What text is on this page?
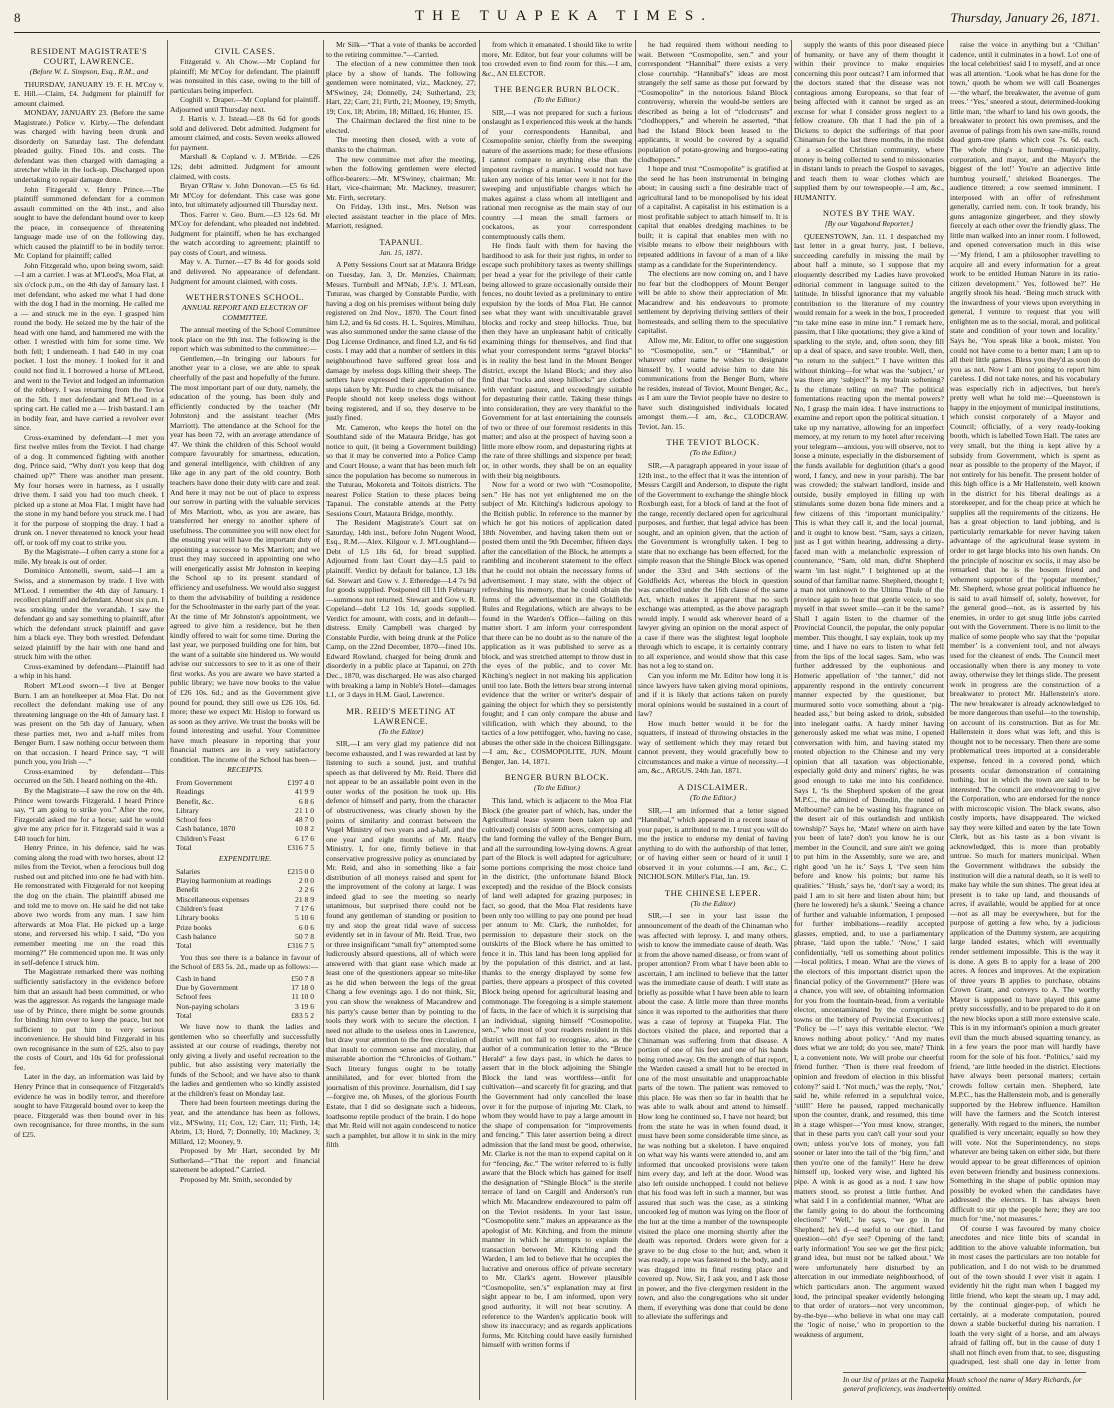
8	THE TUAPEKA TIMES.	Thursday, January 26, 1871.
RESIDENT MAGISTRATE'S COURT, LAWRENCE.
(Before W. L. Simpson, Esq., R.M., and

THURSDAY, JANUARY 19. F. H. M'Coy v. E. Hill.—Claim, £4. Judgment for plaintiff for amount claimed.

MONDAY, JANUARY 23. (Before the same Magistrate.) Police v. Kirby.—The defendant was charged with having been drunk and disorderly on Saturday last. The defendant pleaded guilty. Fined 10s. and costs. The defendant was then charged with damaging a stretcher while in the lock-up. Discharged upon undertaking to repair damage done.

John Fitzgerald v. Henry Prince.—The plaintiff summoned defendant for a common assault committed on the 4th inst., and also sought to have the defendant bound over to keep the peace, in consequence of threatening language made use of on the following day, which caused the plaintiff to be in bodily terror. Mr. Copland for plaintiff; called

John Fitzgerald who, upon being sworn, said:—I am a carrier. I was at M'Leod's, Moa Flat, at six o'clock p.m., on the 4th day of January last. I met defendant, who asked me what I had done with the dog I had in the morning. He called me a — and struck me in the eye. I grasped him round the body. He seized me by the hair of the head with one hand, and hammered me with the other. I wrestled with him for some time. We both fell; I underneath. I had £40 in my coat pocket. I lost the money. I looked for it and could not find it. I borrowed a horse of M'Leod, and went to the Teviot and lodged an information of the robbery. I was returning from the Teviot on the 5th. I met defendant and M'Leod in a spring cart. He called me a — Irish bastard. I am in bodily fear, and have carried a revolver ever since.

Cross-examined by defendant—I met you first twelve miles from the Teviot. I had charge of a dog. It commenced fighting with another dog. Prince said, “Why don't you keep that dog chained up?” There was another man present. My four horses were in harness, as I usually drive them. I said you had too much cheek. I picked up a stone at Moa Flat. I might have had the stone in my hand before you struck me. I had it for the purpose of stopping the dray. I had a drunk on. I never threatened to knock your head off, or took off my coat to strike you.

By the Magistrate—I often carry a stone for a mile. My break is out of order.

Dominico Antonelli, sworn, said—I am a Swiss, and a stonemason by trade. I live with M'Leod. I remember the 4th day of January. I recollect plaintiff and defendant. About six p.m. I was smoking under the verandah. I saw the defendant go and say something to plaintiff, after which the defendant struck plaintiff and gave him a black eye. They both wrestled. Defendant seized plaintiff by the hair with one hand and struck him with the other.

Cross-examined by defendant—Plaintiff had a whip in his hand.

Robert M'Leod sworn—I live at Benger Burn. I am an hotelkeeper at Moa Flat. Do not recollect the defendant making use of any threatening language on the 4th of January last. I was present on the 5th day of January, when these parties met, two and a-half miles from Benger Burn. I saw nothing occur between them on that occasion. I heard Prince say, “I will punch you, you Irish —.”

Cross-examined by defendant—This occurred on the 5th. I heard nothing on the 4th.

By the Magistrate—I saw the row on the 4th. Prince went towards Fitzgerald. I heard Prince say, “I am going to strike you.” After the row, Fitzgerald asked me for a horse; said he would give me any price for it. Fitzgerald said it was a £40 touch for him.

Henry Prince, in his defence, said he was coming along the road with two horses, about 12 miles from the Teviot, when a ferocious bull dog rushed out and pitched into one he had with him. He remonstrated with Fitzgerald for not keeping the dog on the chain. The plaintiff abused me and told me to move on. He said he did not take above two words from any man. I saw him afterwards at Moa Flat. He picked up a large stone, and rerversed his whip. I said, “Do you remember meeting me on the road this morning?” He commenced upon me. It was only in self-defence I struck him.

The Magistrate remarked there was nothing sufficiently satisfactory in the evidence before him that an assault had been committed, or who was the aggressor. As regards the language made use of by Prince, there might be some grounds for binding him over to keep the peace, but not sufficient to put him to very serious inconvenience. He should bind Fitzgerald in his own recognisance in the sum of £25, also to pay the costs of Court, and 10s 6d for professional fee.

Later in the day, an information was laid by Henry Prince that in consequence of Fitzgerald's evidence he was in bodily terror, and therefore sought to have Fitzgerald bound over to keep the peace. Fitzgerald was then bound over in his own recognisance, for three months, in the sum of £25.

CIVIL CASES.

Fitzgerald v. Ah Chow.—Mr Copland for plaintiff; Mr M'Coy for defendant. The plaintiff was nonsuited in this case, owing to the bill of particulars being imperfect.

Coghill v. Draper.—Mr Copland for plaintiff. Adjourned until Thursday next.

J. Harris v. J. Istead.—£8 0s 6d for goods sold and delivered. Debt admitted. Judgment for amount claimed, and costs. Seven weeks allowed for payment.

Marshall & Copland v. J. M'Bride. —£26 12s; debt admitted. Judgment for amount claimed, with costs.

Bryan O'Raw v. John Donovan.—£5 6s 6d. Mr M'Coy for defendant. This case was gone into, but ultimately adjourned till Thursday next.

Thos. Farrer v. Geo. Burn.—£3 12s 6d. Mr M'Coy for defendant, who pleaded not indebted. Judgment for plaintiff, when he has exchanged the watch according to agreement; plaintiff to pay costs of Court, and witness.

May v. A. Turner.—£7 8s 4d for goods sold and delivered. No appearance of defendant. Judgment for amount claimed, with costs.

WETHERSTONES SCHOOL.
ANNUAL REPORT AND ELECTION OF COMMITTEE.

The annual meeting of the School Committee took place on the 9th inst. The following is the report which was submitted to the committee:—

Gentlemen,—In bringing our labours for another year to a close, we are able to speak cheerfully of the past and hopefully of the future. The most important part of our duty, namely, the education of the young, has been duly and efficiently conducted by the teacher (Mr Johnston) and the assistant teacher (Mrs Marriott). The attendance at the School for the year has been 72, with an average attendance of 47. We think the children of this School would compare favourably for smartness, education, and general intelligence, with children of any like age in any part of the old country. Both teachers have done their duty with care and zeal. And here it may not be out of place to express our sorrow in parting with the valuable services of Mrs Marriott, who, as you are aware, has transferred her energy to another sphere of usefulness. The committee you will now elect for the ensuing year will have the important duty of appointing a successor to Mrs Marriott; and we trust they may succeed in appointing one who will energetically assist Mr Johnston in keeping the School up to its present standard of efficiency and usefulness. We would also suggest to them the advisability of building a residence for the Schoolmaster in the early part of the year. At the time of Mr Johnston's appointment, we agreed to give him a residence, but he then kindly offered to wait for some time. During the last year, we purposed building one for him, but the want of a suitable site hindered us. We would advise our successors to see to it as one of their first works. As you are aware we have started a public library; we have now books to the value of £26 10s. 6d.; and as the Government give pound for pound, they still owe us £26 10s. 6d. more; these we expect Mr. Hislop to forward us as soon as they arrive. We trust the books will be found interesting and useful. Your Committee have much pleasure in reporting that your financial matters are in a very satisfactory condition. The income of the School has been—

RECEIPTS.
From Government	£197 4 0
Readings	41 9 9
Benefit, &c.	6 8 6
Library	21 1 0
School fees	48 7 0
Cash balance, 1870	10 8 2
Children's Feast	6 17 6

Total	£316 7 5
EXPENDITURE.
Salaries	£215 0 0
Playing harmonium at readings	2 0 0
Benefit	2 2 6
Miscellaneous expenses	21 8 9
Children's feast	7 17 6
Library books	5 10 6
Prize books	6 0 6
Cash balance	50 7 8

Total	£316 7 5

You thus see there is a balance in favour of the School of £83 5s. 2d., made up as follows:—

Cash in hand	£50 7 8
Due by Government	17 18 0
School fees	11 10 0
Non-paying scholars	3 19 6

Total	£83 5 2

We have now to thank the ladies and gentlemen who so cheerfully and successfully assisted at our course of readings, thereby not only giving a lively and useful recreation to the public, but also assisting very materially the funds of the School; and we have also to thank the ladies and gentlemen who so kindly assisted at the children's feast on Monday last.

There had been fourteen meetings during the year, and the attendance has been as follows, viz., M'Swiny, 11; Cox, 12; Carr, 11; Firth, 14; Abrim, 13; Hord, 7; Donnelly, 10; Mackney, 3; Millard, 12; Mooney, 9.

Proposed by Mr Hart, seconded by Mr Sutherland—“That the report and financial statement be adopted.” Carried.

Proposed by Mr. Smith, seconded by

Mr Silk—“That a vote of thanks be accorded to the retiring committee.”—Carried.

The election of a new committee then took place by a show of hands. The following gentlemen were nominated, viz., Mackney, 27; M'Swiney, 24; Donnelly, 24; Sutherland, 23; Hart, 22; Carr, 21; Firth, 21; Mooney, 19; Smyth, 19; Cox, 18; Abrim, 18; Millard, 16; Hunter, 15.

The Chairman declared the first nine to be elected.

The meeting then closed, with a vote of thanks to the chairman.

The new committee met after the meeting, when the following gentlemen were elected office-bearers:—Mr. M'Swiney, chairman; Mr. Hart, vice-chairman; Mr. Mackney, treasurer; Mr. Firth, secretary.

On Friday, 13th inst., Mrs. Nelson was elected assistant teacher in the place of Mrs. Marriott, resigned.

TAPANUI.
Jan. 15, 1871.

A Petty Sessions Court sat at Mataura Bridge on Tuesday, Jan. 3, Dr. Menzies, Chairman; Messrs. Turnbull and M'Nab, J.P.'s. J. M'Lean, Tuturau, was charged by Constable Purdie, with having a dog on his premises without being duly registered on 2nd Nov., 1870. The Court fined him L2, and 6s 6d costs. H. L. Squires, Mimihau, was also summoned under the same clause of the Dog License Ordinance, and fined L2, and 6s 6d costs. I may add that a number of settlers in this neighbourhood have suffered great loss and damage by useless dogs killing their sheep. The settlers have expressed their approbation of the steps taken by Mr. Purdie to check the nuisance. People should not keep useless dogs without being registered, and if so, they deserve to be justly fined.

Mr. Cameron, who keeps the hotel on the Southland side of the Mataura Bridge, has got notice to quit, (it being a Government building) so that it may be converted into a Police Camp and Court House, a want that has been much felt since the population has become so numerous in the Tuturau, Mokoreta and Toitois districts. The nearest Police Station to these places being Tapanui. The constable attends at the Petty Sessions Court, Mataura Bridge, monthly.

The Resident Magistrate's Court sat on Saturday, 14th inst., before John Nugent Wood, Esq., R.M.—Alex. Kilgour v. J. M'Loughland—Debt of L5 18s 6d, for bread supplied. Adjourned from last Court day—L5 paid to plaintiff. Verdict by default for balance, L3 18s 6d. Stewart and Gow v. J. Etheredge—L4 7s 9d for goods supplied. Postponed till 11th February—summons not returned. Stewart and Gow v. R. Copeland—debt L2 10s 1d, goods supplied. Verdict for amount, with costs, and in default—distress. Emily Campbell was charged by Constable Purdie, with being drunk at the Police Camp, on the 22nd December, 1870—fined 10s. Edward Rowland, charged for being drunk and disorderly in a public place at Tapanui, on 27th Dec., 1870, was discharged. He was also charged with breaking a lamp in Noble's Hotel—damages L1, or 3 days in H.M. Gaol, Lawrence.

MR. REID'S MEETING AT LAWRENCE.
(To the Editor)

SIR,—I am very glad my patience did not become exhausted, and I was rewarded at last by listening to such a sound, just, and truthful speech as that delivered by Mr. Reid. There did not appear to be an assailable point even in the outer works of the position he took up. His defence of himself and party, from the character of obstructiveness, was clearly shown by the points of similarity and contrast between the Vogel Ministry of two years and a-half, and the one year and eight months of Mr. Reid's Ministry. I, for one, firmly believe in that conservative progressive policy as enunciated by Mr. Reid, and also in something like a fair distribution of all moneys raised and spent for the improvement of the colony at large. I was indeed glad to see the meeting so nearly unanimous, but surprised there could not be found any gentleman of standing or position to try and stop the great tidal wave of success evidently set in in favour of Mr. Reid. True, two or three insignificant “small fry” attempted some ludicrously absurd questions, all of which were answered with that giant ease which made at least one of the questioners appear so mite-like as he did when between the legs of the great Chang a few evenings ago. I do not think, Sir, you can show the weakness of Macandrew and his party's cause better than by pointing to the tools they work with to secure the election. I need not allude to the useless ones in Lawrence, but draw your attention to the free circulation of that insult to common sense and morality, that miserable abortion the “Chronicles of Gotham.” Such literary fungus ought to be totally annihilated, and for ever blotted from the journalism of this province. Journalism, did I say—forgive me, oh Muses, of the glorious Fourth Estate, that I did so designate such a hideous, loathsome reptile product of the brain. I do hope that Mr. Reid will not again condescend to notice such a pamphlet, but allow it to sink in the miry filth

from which it emanated. I should like to write more, Mr. Editor, but fear your columns will be too crowded even to find room for this.—I am, &c., AN ELECTOR.

THE BENGER BURN BLOCK.
(To the Editor.)

SIR,—I was not prepared for such a furious onslaught as I experienced this week at the hands of your correspondents Hannibal, and Cosmopolite senior, chiefly from the sweeping nature of the assertions made; for these effusions I cannot compare to anything else than the impotent ravings of a maniac. I would not have taken any notice of his letter were it not for the sweeping and unjustifiable charges which he makes against a class whom all intelligent and rational men recognise as the main stay of our country —I mean the small farmers or cockatoos, as your correspondent contemptuously calls them.

He finds fault with them for having the hardihood to ask for their just rights, in order to escape such prohibitory taxes as twenty shillings per head a year for the privilege of their cattle being allowed to graze occasionally outside their fences, no doubt levied as a preliminary to entire expulsion by the lords of Moa Flat. He cannot see what they want with uncultivatable gravel blocks and rocky and steep hillocks. True, but then they have an unpleasant habit of critically examining things for themselves, and find that what your correspondent terms “gravel blocks” is in reality the best land in the Mount Benger district, except the Island Block; and they also find that “rocks and steep hillocks” are clothed with verdant pasture, and exceedingly suitable for depasturing their cattle. Taking these things into consideration, they are very thankful to the Government for at last entertaining the counsels of two or three of our foremost residents in this matter; and also at the prospect of having soon a little more elbow room, and depasturing rights at the rate of three shillings and sixpence per head; or, in other words, they shall be on an equality with their big neighbours.

Now for a word or two with “Cosmopolite, sen.” He has not yet enlightened me on the subject of Mr. Kitching's ludicrous apology to the British public. In reference to the manner by which he got his notices of application dated 18th November, and having taken them out or posted them until the 9th December, fifteen days after the cancellation of the Block, he attempts a rambling and incoherent statement to the effect that he could not obtain the necessary forms of advertisement. I may state, with the object of refreshing his memory, that he could obtain the forms of the advertisement in the Goldfields Rules and Regulations, which are always to be found in the Warden's Office—failing on this matter short. I am inform your correspondent that there can be no doubt as to the nature of the application as it was published to serve as a block, and was stretched attempt to throw dust in the eyes of the public, and to cover Mr. Kitching's neglect in not making his application until too late. Both the letters bear strong internal evidence that the writer or writer's despair of gaining the object for which they so persistently fought; and I can only compare the abuse and vilification, with which they abound, to the tactics of a low pettifogger, who, having no case, abuses the other side in the choicest Billingsgate.—I am, &c., COSMOPOLITE, JUN. Mount Benger, Jan. 14, 1871.

BENGER BURN BLOCK.
(To the Editor.)

This land, which is adjacent to the Moa Flat Block (the greater part of which, has, under the Agricultural lease system been taken up and cultivated) consists of 5000 acres, comprising all the land forming the valley of the Benger Burn, and all the surrounding low-lying downs. A great part of the Block is well adapted for agriculture; some portions comprising the most choice land in the district, (the unfortunate Island Block excepted) and the residue of the Block consists of land well adapted for grazing purposes; in fact, so good, that the Moa Flat residents have been only too willing to pay one pound per head per annum to Mr. Clark, the runholder, for permission to depasture their stock on the outskirts of the Block where he has omitted to fence it in. This land has been long applied for by the population of this district, and at last, thanks to the energy displayed by some few parties, there appears a prospect of this coveted Block being opened for agricultural leasing and commonage. The foregoing is a simple statement of facts, in the face of which it is surprising that an individual, signing himself “Cosmopolite, sen.,” who most of your readers resident in this district will not fail to recognise, also, as the author of a communication letter to the “Bruce Herald” a few days past, in which he dares to assert that in the block adjoining the Shingle Block the land was worthless—unfit for cultivation—and scarcely fit for grazing, and that the Government had only cancelled the lease over it for the purpose of injuring Mr. Clark, to whom they would have to pay a large amount in the shape of compensation for “improvements and fencing.” This later assertion being a direct admission that the land must be good, otherwise, Mr. Clarke is not the man to expend capital on it for “fencing, &c.” The writer referred to is fully aware that the Block which has gained for itself the designation of “Shingle Block” is the sterile terrace of land on Cargill and Anderson's run which Mr. Macandrew endeavoured to palm off on the Teviot residents. In your last issue, “Cosmopolite senr.” makes an appearance as the apologist of Mr. Kitching, and from the minute manner in which he attempts to explain the transaction between Mr. Kitching and the Warden, I am led to believe that he occupies the lucrative and onerous office of private secretary to Mr. Clark's agent. However plausible “Cosmopolite, sen.'s” explanation may at first sight appear to be, I am informed, upon very good authority, it will not bear scrutiny. A reference to the Warden's applicatio book will show its inaccuracy; and as regards applications forms, Mr. Kitching could have easily furnished himself with written forms if

he had required them without needing to wait. Between “Cosmopolite, sen.” and your correspondent “Hannibal” there exists a very close courtship. “Hannibal's” ideas are most strangely the self same as those put forward by “Cosmopolite” in the notorious Island Block controversy, wherein the would-be settlers are described as being a lot of “clodcrusts” and “clodhoppers,” and wherein he asserted, “that had the Island Block been leased to the applicants, it would be covered by a squalid population of potato-growing and burgoo-eating clodhoppers.”

I hope and trust “Cosmopolite” is gratified at the seed he has been instrumental in bringing about; in causing such a fine desirable tract of agricultural land to be monopolised by his ideal of a capitalist. A capitalist in his estimation is a most profitable subject to attach himself to. It is capital that enables dredging machines to be built; it is capital that enables men with no visible means to elbow their neighbours with repeated additions in favour of a man of a like stamp as a candidate for the Superintendency.

The elections are now coming on, and I have no fear but the clodhoppers of Mount Benger will be able to show their appreciation of Mr. Macandrew and his endeavours to promote settlement by depriving thriving settlers of their homesteads, and selling them to the speculative capitalist.

Allow me, Mr. Editor, to offer one suggestion to “Cosmopolite, sen.” or “Hannibal,” or whatever other name he wishes to designate himself by. I would advise him to date his communications from the Benger Burn, where he resides, instead of Teviot, Mount Benger, &c., as I am sure the Teviot people have no desire to have such distinguished individuals located amongst them.—I am, &c., CLODCRAW. Teviot, Jan. 15.

THE TEVIOT BLOCK.
(To the Editor.)

SIR,—A paragraph appeared in your issue of 12th inst., to the effect that it was the intention of Messrs Cargill and Anderson, to dispute the right of the Government to exchange the shingle block Roxburgh east, for a block of land at the foot of the range, recently declared open for agricultural purposes, and further, that legal advice has been sought, and an opinion given, that the action of the Government is wrongfully taken. I beg to state that no exchange has been effected, for the simple reason that the Shingle Block was opened under the 33rd and 34th sections of the Goldfields Act, whereas the block in question was cancelled under the 16th clause of the same Act, which makes it apparent that no such exchange was attempted, as the above paragraph would imply. I would ask wherever heard of a lawyer giving an opinion on the moral aspect of a case if there was the slightest legal loophole through which to escape, it is certainly contrary to all experience, and would show that this case has not a leg to stand on.

Can you inform me Mr. Editor how long it is since lawyers have taken giving moral opinions, and if it is likely that actions taken on purely moral opinions would be sustained in a court of law?

How much better would it be for the squatters, if instead of throwing obstacles in the way of settlement which they may retard but cannot prevent, they would gracefully bow to circumstances and make a virtue of necessity.—I am, &c., ARGUS. 24th Jan. 1871.

A DISCLAIMER.
(To the Editor.)

SIR,—I am informed that a letter signed “Hannibal,” which appeared in a recent issue of your paper, is attributed to me. I trust you will do me the justice to endorse my denial of having anything to do with the authorship of that letter, or of having either seen or heard of it until I observed it in your columns.—I am, &c., C. NICHOLSON. Miller's Flat, Jan. 19.

THE CHINESE LEPER.
(To the Editor)

SIR,—I see in your last issue the announcement of the death of the Chinaman who was affected with leprosy. I, and many others, wish to know the immediate cause of death. Was it from the above named disease, or from want of proper attention? From what I have been able to ascertain, I am inclined to believe that the latter was the immediate cause of death. I will state as briefly as possible what I have been able to learn about the case. A little more than three months since it was reported to the authorities that there was a case of leprosy at Tuapeka Flat. The doctors visited the place, and reported that a Chinaman was suffering from that disease. A portion of one of his feet and one of his hands being rotted away. On the strength of that report, the Warden caused a small hut to be erected in one of the most unsuitable and unapproachable parts of the town. The patient was removed to this place. He was then so far in health that he was able to walk about and attend to himself. How long he continued so, I have not heard; but from the state he was in when found dead, it must have been some considerable time since, as he was nothing but a skeleton. I have enquired on what way his wants were attended to, and am informed that uncooked provisions were taken him every day, and left at the door. Wood was also left outside unchopped. I could not believe that his food was left in such a manner, but was assured that such was the case, as a stinking uncooked leg of mutton was lying on the floor of the hut at the time a number of the townspeople visited the place one morning shortly after the death was reported. Orders were given for a grave to be dug close to the hut; and, when it was ready, a rope was fastened to the body, and it was dragged into its final resting place and covered up. Now, Sir, I ask you, and I ask those in power, and the five clergymen resident in the town, and also the congregations who sit under them, if everything was done that could be done to alleviate the sufferings and

supply the wants of this poor diseased piece of humanity, or have any of them thought it within their province to make enquiries concerning this poor outcast? I am informed that the doctors stated that the disease was not contagious among Europeans, so that fear of being affected with it cannot be urged as an excuse for what I consider gross neglect to a fellow creature. Oh that I had the pin of a Dickens to depict the sufferings of that poor Chinaman for the last three months, in the midst of a so-called Christian community, where money is being collected to send to missionaries in distant lands to preach the Gospel to savages, and teach them to wear clothes which are supplied them by our townspeople.—I am, &c., HUMANITY.

NOTES BY THE WAY.
[By our Vagabond Reporter.]

QUEENSTOWN, Jan. 11. I despatched my last letter in a great hurry, just, I believe, succeeding carefully in missing the mail by about half a minute, so I suppose that my eloquently described my Ladies have provoked editorial comment in language suited to the latitude. In blissful ignorance that my valuable contribution to the literature of my country would remain for a week in the box, I proceeded “to take mine ease in mine inn.” I remark here, passim, that I like quotations; they give a kind of sparkling to the style, and, often soon, they fill up a deal of space, and save trouble. Well, then, “to return to the subject.” I have written this without thinking—for what was the ‘subject,’ or was there any ‘subject?’ Is my brain softening? Is the climate telling on me? The political fomentations reacting upon the mental powers? No, I grasp the main idea. I have instructions to examine and report upon the political situation. I take up my narrative, allowing for an imperfect memory, at my return to my hotel after receiving your telegram—anxious, you will observe, not to loose a minute, especially in the disbursement of the funds available for deglutition (that's a good word, I fancy, and new in your parish). The bar was crowded; the stalwart landlord, inside and outside, busily employed in filling up with stimulants some dozen bona fide miners and a few citizens of this ‘important municipality.’ This is what they call it, and the local journal, and it ought to know best. “Sam, says a citizen, just as I got within hearing, addressing a dirty-faced man with a melancholic expression of countenance, “Sam, old man, did'nt Shepherd warm 'im last night.” I brightened up at the sound of that familiar name. Shepherd, thought I; a man not unknown to the Ultima Thule of the province again to hear that gentle voice, to soo myself in that sweet smile—can it be the same? Shall I again listen to the charmer of the Provincial Council, the popular, the only popular member. This thought, I say explain, took up my time, and I have no ears to listen to what fell from the lips of the local sages. Sam, who was further addressed by the euphonious and Homeric appellation of ‘the tanner,’ did not apparently respond in the entirely concurrent manner expected by the questioner, but murmured sotto voce something about a ‘pig-headed ass,’ but being asked to drink, subsided into inelegant oaths. A hardy miner having generously asked me what was mine, I opened conversation with him, and having stated my rooted objection to the Chinese and my very opinion that all taxation was objectionable, especially gold duty and miners' rights, he was good enough to take me into his confidence. Says I, ‘Is the Shepherd spoken of the great M.P.C., the admired of Dunedin, the noted of Melbourne? can he be wasting his fragrance on the desert air of this outlandish and unlikish township?’ Says he, ‘Mate! where on airth have you been of late? don't you know he is our member in the Council, and sure ain't we going to put him in the Assembly, sure we are, and right good 'un he is.’ Says I, ‘I've seen him before and know his points; but name his qualities.’ ‘Hush,’ says he, ‘don't say a word; its paid I am to sit here and listen about him; but (here he lowered) he's a skunk.’ Seeing a chance of further and valuable information, I proposed for further imbibations—readily accepted glasses, emptied, and, to use a parliamentary phrase, ‘laid upon the table.’ ‘Now,’ I said confidentially, ‘tell us something about politics—local politics, I mean. What are the views of the electors of this important district upon the financial policy of the Government?’ [Here was a chance, you will see, of obtaining information for you from the fountain-head, from a veritable elector, uncontaminated by the corruption of towns or the bribery of Provincial Executives.] ‘Policy be —!’ says this veritable elector. ‘We knows nothing about policy.’ ‘And my mates does what we are told; do you see, mate? Think I, a convenient note. We will probe our cheerful friend further. ‘Then is there real freedom of opinion and freedom of election in this blissful colony?’ said I. ‘Not much,’ was the reply, ‘Not,’ said he, while referred in a sepulchral voice, ‘still!’ Here he paused, rapped mechanically upon the counter, drank, and resumed, this time in a stage whisper—‘You must know, stranger, that in these parts you can't call your soul your own; unless you've lots of money, you fall sooner or later into the tail of the ‘big firm,’ and then you're one of the family!’ Here he drew himself up, looked very wise, and lighted his pipe. A wink is as good as a nod. I saw how matters stood, so protest a little further. And what said I in a confidential manner, ‘What are the family going to do about the forthcoming elections?’ ‘Well,’ he says, ‘we go in for Shepherd; he's d—d useful to our chief. Land question—oh! d'ye see? Opening of the land; early information! You see we get the first pick; grand idea, but must not be talked about.’ We were unfortunately here disturbed by an altercation in our immediate neighbourhood, of which particulars anon. The argument waxed loud, the principal speaker evidently belonging to that order of orators—not very uncommon, by-the-bye—who believe in what one may call the ‘logic of noise,’ who in proportion to the weakness of argument,

raise the voice in anything but a ‘Chilian’ cadence, until it culminates in a howl. Lo! one of the local celebrities! said I to myself, and at once was all attention. ‘Look what he has done for the town,’ quoth he whom we will call Boanerges—‘the wharf, the breakwater, the avenue of gum trees.’ ‘Yes,’ sneered a stout, determined-looking little man, ‘the wharf to land his own goods, the breakwater to protect his own premises, and the avenue of palings from his own saw-mills, round dead gum-tree plants which cost 7s. 6d. each. The whole thing's a humbug—municipality, corporation, and mayor, and the Mayor's the biggest of the lot!’ You're an adjective little humbug yourself,’ shrieked Boanerges. The audience tittered; a row seemed imminent. I interposed with an offer of refreshment generally, carried nem. con. It took brandy, his guns antagonize gingerbeer, and they slowly fiercely at each other over the friendly glass. The little man walked into an inner room. I followed, and opened conversation much in this wise—‘My friend, I am a philosopher travelling to acquire all and every information for a great work to be entitled Human Nature in its ratio-citizen development.’ Yes, followed he?’ He angrily shook his head. ‘Being much struck with the inwardness of your views upon everything in general, I venture to request that you will enlighten me as to the social, moral, and political state and condition of your town and locality.’ Says he, ‘You speak like a book, mister. You could not have come to a better man; I am up to all their little games. Bless you they'd as soon do you as not. Now I am not going to report him careless. I did not take notes, and his vocabulary was especially rich in adjectives, but here's pretty well what he told me:—Queenstown is happy in the enjoyment of municipal institutions, which consist corporately of a Mayor and Council; officially, of a very ready-looking booth, which is labelled Town Hall. The rates are very small, but the thing is kept alive by a subsidy from Government, which is spent as near as possible to the property of the Mayor, if not entirely for his benefit. The present holder of this high office is a Mr Hallenstein, well known in the district for his liberal dealings as a storekeeper, and for the cheap price at which he supplies all the requirements of the citizens. He has a great objection to land jobbing, and is particularly remarkable for never having taken advantage of the agricultural lease system in order to get large blocks into his own hands. On the principle of noscitur ex sociis, it may also be remarked that he is the bosom friend and vehement supporter of the ‘popular member,’ Mr. Shepherd, whose great political influence he is said to avail himself of, solely, however, for the general good—not, as is asserted by his enemies, in order to get snug little jobs carried out with the Government. There is no limit to the malice of some people who say that the ‘popular member’ is a convenient tool, and not always used for the cleanest of ends. The Council meet occasionally when there is any money to vote away, otherwise they let things slide. The present work in progress are the construction of a breakwater to protect Mr. Hallenstein's store. The new breakwater is already acknowledged to be more dangerous than useful—to the township, on account of its construction. But as for Mr. Hallenstein it does what was left, and this is thought not to be necessary. Then there are some problematical trees imported at a considerable expense, fenced in a covered pond, which presents ocular demonstration of containing nothing, but in which the town are said to be interested. The council are endeavouring to give the Corporation, who are endorsed for the nonce with microscopic vision. The black swans, also costly imports, have disappeared. The wicked say they were killed and eaten by the late Town Clerk, but as his taste as a bon vivant is acknowledged, this is more than probably untrue. So much for matters municipal. When the Government withdraws the subsidy the institution will die a natural death, so it is well to make hay while the sun shines. The great idea at present is to take up land, and thousands of acres, if available, would be applied for at once—not as all may be everywhere, but for the purpose of getting a few who, by a judicious application of the Dummy system, are acquiring large landed estates, which will eventually render settlement impossible. This is the way it is done. A gets B to apply for a lease of 200 acres. A fences and improves. At the expiration of three years B applies to purchase, obtains Crown Grant, and conveys to A. The worthy Mayor is supposed to have played this game pretty successfully, and to be prepared to do it on the new blocks upon a still more extensive scale. This is in my informant's opinion a much greater evil than the much abused squatting tenancy, as in a few years the poor man will hardly have room for the sole of his foot. ‘Politics,’ said my friend, ‘are little heeded in the district. Elections have always been personal matters; certain crowds follow certain men. Shepherd, late M.P.C., has the Hallenstein mob, and is generally supported by the Hebrew influence. Hamilton will have the farmers and the Scotch interest generally. With regard to the miners, the number qualified is very uncertain; equally so how they will vote. Not the Superintendency, no steps whatever are being taken on either side, but there would appear to be great differences of opinion even between friendly and business connexions. Something in the shape of public opinion may possibly be evoked when the candidates have addressed the electors. It has always been difficult to stir up the people here; they are too much for ‘me,’ not measures.’

Of course I was favoured by many choice anecdotes and nice little bits of scandal in addition to the above valuable information, but in most cases the particulars are too notable for publication, and I do not wish to be drummed out of the town should I ever visit it again. I evidently hit the right man when I bagged my little friend, who kept the steam up, I may add, by the continual ginger-pop, of which he certainly, at a moderate computation, poured down a stable bucketful during his narration. I loath the very sight of a horse, and am always afraid of falling off, but in the cause of duty I shall not flinch even from that, to see, disgusting quadruped, lest shall one day in letter from

In our list of prizes at the Tuapeka Mouth school the name of Mary Richards, for general proficiency, was inadvertently omitted.
